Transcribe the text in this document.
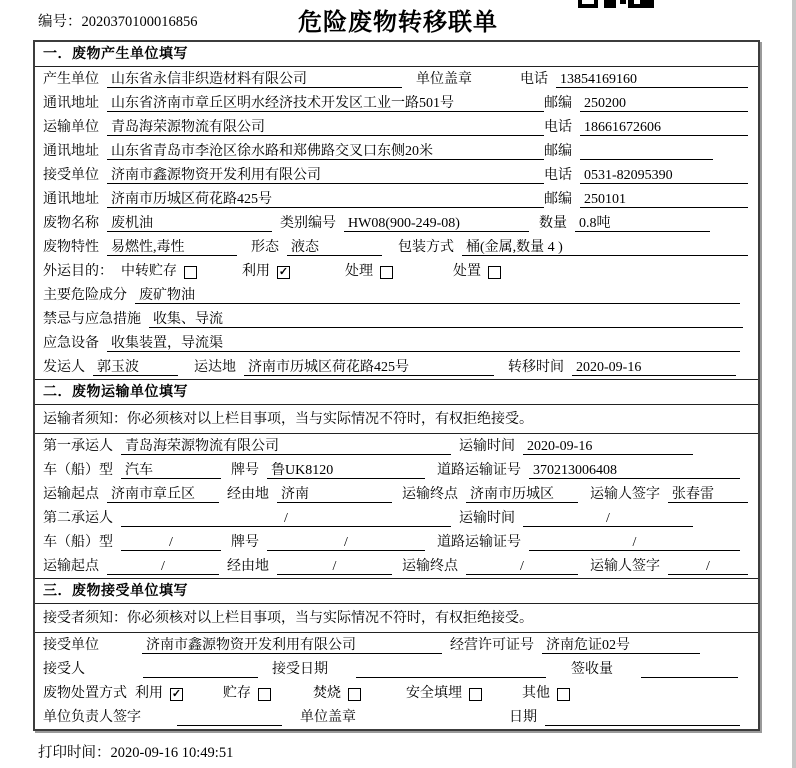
编号：2020370100016856	危险废物转移联单
一．废物产生单位填写
产生单位 山东省永信非织造材料有限公司	单位盖章	电话 13854169160
通讯地址 山东省济南市章丘区明水经济技术开发区工业一路501号	邮编 250200
运输单位 青岛海荣源物流有限公司	电话 18661672606
通讯地址 山东省青岛市李沧区徐水路和郑佛路交叉口东侧20米	邮编
接受单位 济南市鑫源物资开发利用有限公司	电话 0531-82095390
通讯地址 济南市历城区荷花路425号	邮编 250101
废物名称 废机油	类别编号 HW08(900-249-08)	数量 0.8吨
废物特性 易燃性,毒性	形态 液态	包装方式 桶(金属,数量 4 )
外运目的： 中转贮存	利用 ✓	处理	处置
主要危险成分 废矿物油
禁忌与应急措施 收集、导流
应急设备 收集装置，导流渠
发运人 郭玉波	运达地 济南市历城区荷花路425号	转移时间 2020-09-16
二．废物运输单位填写
运输者须知：你必须核对以上栏目事项，当与实际情况不符时，有权拒绝接受。
第一承运人 青岛海荣源物流有限公司	运输时间 2020-09-16
车（船）型 汽车	牌号 鲁UK8120	道路运输证号 370213006408
运输起点 济南市章丘区	经由地 济南	运输终点 济南市历城区	运输人签字 张春雷
第二承运人	/	运输时间	/
车（船）型	/	牌号	/	道路运输证号	/
运输起点	/	经由地	/	运输终点	/	运输人签字	/
三．废物接受单位填写
接受者须知：你必须核对以上栏目事项，当与实际情况不符时，有权拒绝接受。
接受单位	济南市鑫源物资开发利用有限公司	经营许可证号 济南危证02号
接受人	接受日期	签收量
废物处置方式 利用 ✓	贮存	焚烧	安全填埋	其他
单位负责人签字	单位盖章	日期
打印时间：2020-09-16 10:49:51
